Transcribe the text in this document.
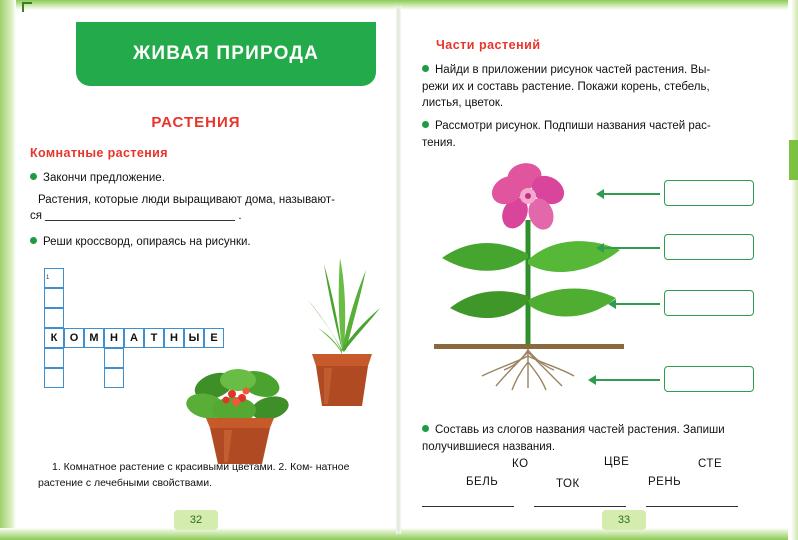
ЖИВАЯ ПРИРОДА
РАСТЕНИЯ
Комнатные растения
Закончи предложение.
Растения, которые люди выращивают дома, называют-
ся	.
Реши кроссворд, опираясь на рисунки.
1
К	О	М	Н	А	Т	Н Ы Е
1. Комнатное растение с красивыми цветами. 2. Ком- натное растение с лечебными свойствами.
32
Части растений
Найди в приложении рисунок частей растения. Вы-
режи их и составь растение. Покажи корень, стебель,
листья, цветок.
Рассмотри рисунок. Подпиши названия частей рас-
тения.
Составь из слогов названия частей растения. Запиши
получившиеся названия.
КО	ЦВЕ	СТЕ
БЕЛЬ	ТОК	РЕНЬ
33
